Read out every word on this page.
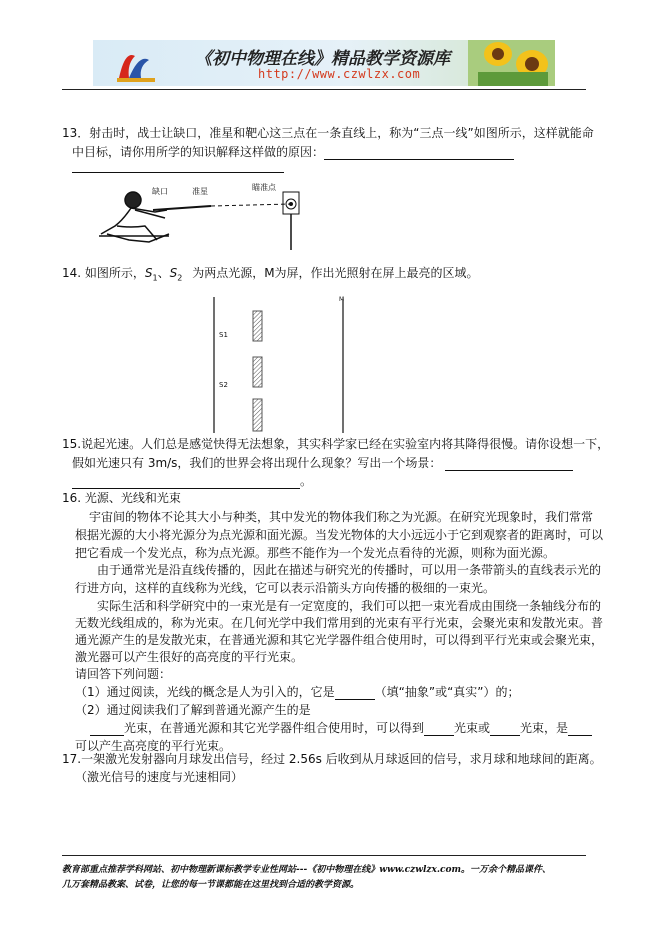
《初中物理在线》精品教学资源库
http://www.czwlzx.com
13．射击时，战士让缺口，准星和靶心这三点在一条直线上，称为“三点一线”如图所示，这样就能命
中目标，请你用所学的知识解释这样做的原因：
缺口	准星	瞄准点
14. 如图所示，$S_1$、$S_2$ 为两点光源，M为屏，作出光照射在屏上最亮的区域。
S1
S2
M
15.说起光速。人们总是感觉快得无法想象，其实科学家已经在实验室内将其降得很慢。请你设想一下，
假如光速只有 3m/s，我们的世界会将出现什么现象？写出一个场景：
。
16. 光源、光线和光束
宇宙间的物体不论其大小与种类，其中发光的物体我们称之为光源。在研究光现象时，我们常常
根据光源的大小将光源分为点光源和面光源。当发光物体的大小远远小于它到观察者的距离时，可以
把它看成一个发光点，称为点光源。那些不能作为一个发光点看待的光源，则称为面光源。
由于通常光是沿直线传播的，因此在描述与研究光的传播时，可以用一条带箭头的直线表示光的
行进方向，这样的直线称为光线，它可以表示沿箭头方向传播的极细的一束光。
实际生活和科学研究中的一束光是有一定宽度的，我们可以把一束光看成由围绕一条轴线分布的
无数光线组成的，称为光束。在几何光学中我们常用到的光束有平行光束，会聚光束和发散光束。普
通光源产生的是发散光束，在普通光源和其它光学器件组合使用时，可以得到平行光束或会聚光束，
激光器可以产生很好的高亮度的平行光束。
请回答下列问题：
（1）通过阅读，光线的概念是人为引入的，它是	（填“抽象”或“真实”）的；
（2）通过阅读我们了解到普通光源产生的是
光束，在普通光源和其它光学器件组合使用时，可以得到	光束或	光束，是
可以产生高亮度的平行光束。
17.一架激光发射器向月球发出信号，经过 2.56s 后收到从月球返回的信号，求月球和地球间的距离。
（激光信号的速度与光速相同）
教育部重点推荐学科网站、初中物理新课标教学专业性网站---《初中物理在线》www.czwlzx.com。一万余个精品课件、
几万套精品教案、试卷，让您的每一节课都能在这里找到合适的教学资源。
